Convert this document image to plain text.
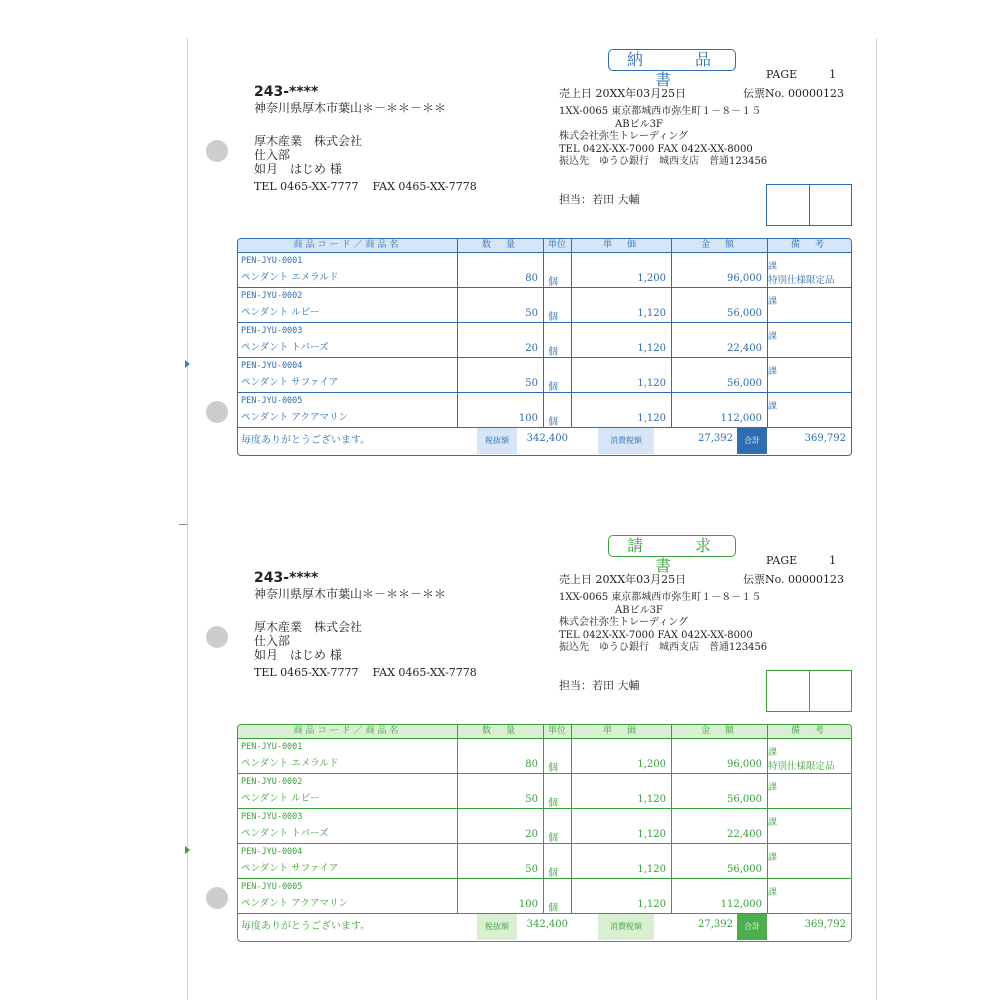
納　品　書	PAGE	1
243-****
神奈川県厚木市葉山＊－＊＊－＊＊
厚木産業　株式会社
仕入部
如月　はじめ 様
TEL 0465-XX-7777    FAX 0465-XX-7778
売上日 20XX年03月25日	伝票No. 00000123
1XX-0065 東京都城西市弥生町１－８－１５
ABビル3F
株式会社弥生トレーディング
TEL 042X-XX-7000 FAX 042X-XX-8000
振込先　ゆうひ銀行　城西支店　普通123456
担当：若田 大輔
商品コード／商品名	数　量	単位	単　価	金　額	備　考
PEN-JYU-0001
ペンダント エメラルド	80 個	1,200	96,000
課
特別仕様限定品
PEN-JYU-0002
ペンダント ルビー	50 個	1,120	56,000
課
PEN-JYU-0003
ペンダント トパーズ	20 個	1,120	22,400
課
PEN-JYU-0004
ペンダント サファイア	50 個	1,120	56,000
課
PEN-JYU-0005
ペンダント アクアマリン	100 個	1,120	112,000
課
毎度ありがとうございます。	税抜額	342,400	消費税額	27,392	合計	369,792
請　求　書	PAGE	1
243-****
神奈川県厚木市葉山＊－＊＊－＊＊
厚木産業　株式会社
仕入部
如月　はじめ 様
TEL 0465-XX-7777    FAX 0465-XX-7778
売上日 20XX年03月25日	伝票No. 00000123
1XX-0065 東京都城西市弥生町１－８－１５
ABビル3F
株式会社弥生トレーディング
TEL 042X-XX-7000 FAX 042X-XX-8000
振込先　ゆうひ銀行　城西支店　普通123456
担当：若田 大輔
商品コード／商品名	数　量	単位	単　価	金　額	備　考
PEN-JYU-0001
ペンダント エメラルド	80 個	1,200	96,000
課
特別仕様限定品
PEN-JYU-0002
ペンダント ルビー	50 個	1,120	56,000
課
PEN-JYU-0003
ペンダント トパーズ	20 個	1,120	22,400
課
PEN-JYU-0004
ペンダント サファイア	50 個	1,120	56,000
課
PEN-JYU-0005
ペンダント アクアマリン	100 個	1,120	112,000
課
毎度ありがとうございます。	税抜額	342,400	消費税額	27,392	合計	369,792
